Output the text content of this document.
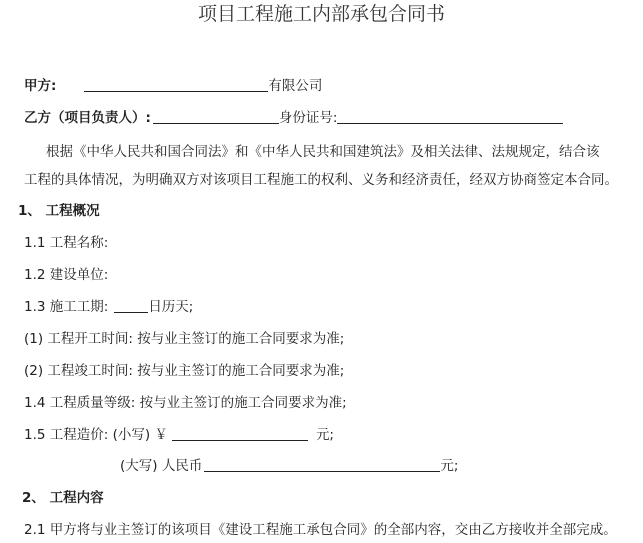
项目工程施工内部承包合同书
甲方:	有限公司
乙方（项目负责人）:	身份证号:
根据《中华人民共和国合同法》和《中华人民共和国建筑法》及相关法律、法规规定，结合该
工程的具体情况，为明确双方对该项目工程施工的权利、义务和经济责任，经双方协商签定本合同。
1、 工程概况
1.1 工程名称:
1.2 建设单位:
1.3 施工工期:	日历天;
(1) 工程开工时间: 按与业主签订的施工合同要求为准;
(2) 工程竣工时间: 按与业主签订的施工合同要求为准;
1.4 工程质量等级: 按与业主签订的施工合同要求为准;
1.5 工程造价: (小写) ￥	元;
(大写) 人民币	元;
2、 工程内容
2.1 甲方将与业主签订的该项目《建设工程施工承包合同》的全部内容，交由乙方接收并全部完成。
